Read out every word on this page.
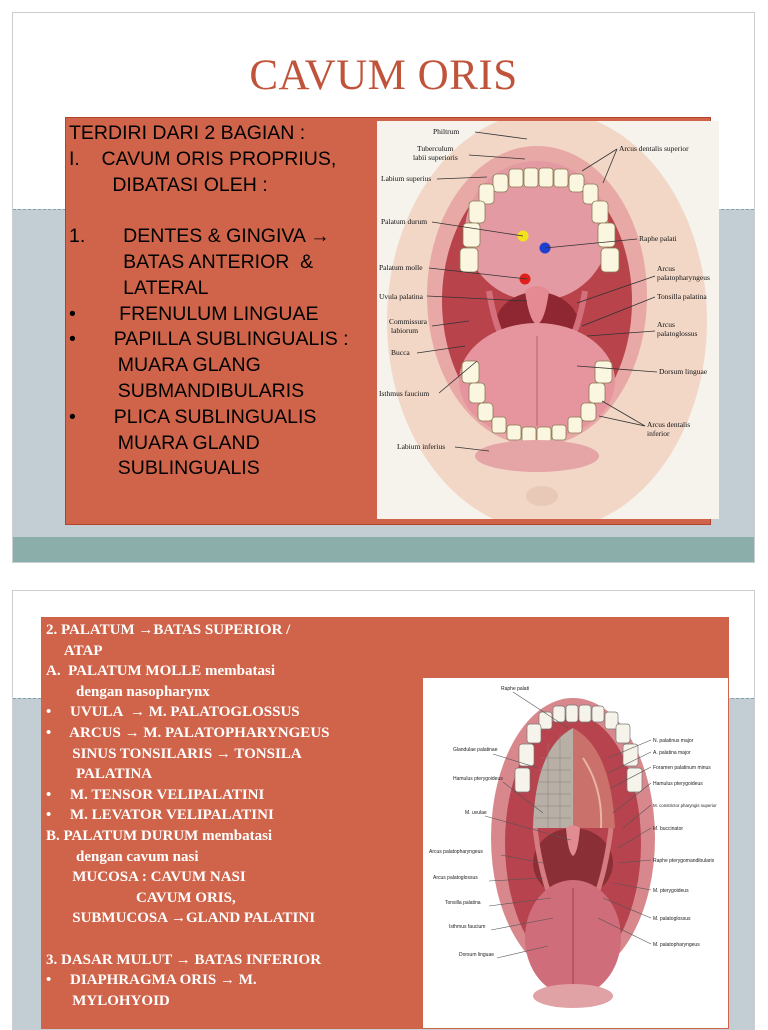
CAVUM ORIS
TERDIRI DARI 2 BAGIAN :
I.    CAVUM ORIS PROPRIUS,
DIBATASI OLEH :
1.       DENTES & GINGIVA →
BATAS ANTERIOR  &
LATERAL
•        FRENULUM LINGUAE
•       PAPILLA SUBLINGUALIS :
MUARA GLANG
SUBMANDIBULARIS
•       PLICA SUBLINGUALIS
MUARA GLAND
SUBLINGUALIS
Philtrum
Tuberculum
labii superioris
Labium superius
Palatum durum
Palatum molle
Uvula palatina
Commissura
labiorum
Bucca
Isthmus faucium
Labium inferius
Arcus dentalis superior
Raphe palati
Arcus
palatopharyngeus
Tonsilla palatina
Arcus
palatoglossus
Dorsum linguae
Arcus dentalis
inferior
2. PALATUM →BATAS SUPERIOR /
ATAP
A.  PALATUM MOLLE membatasi
dengan nasopharynx
•     UVULA  → M. PALATOGLOSSUS
•     ARCUS → M. PALATOPHARYNGEUS
SINUS TONSILARIS → TONSILA
PALATINA
•     M. TENSOR VELIPALATINI
•     M. LEVATOR VELIPALATINI
B. PALATUM DURUM membatasi
dengan cavum nasi
MUCOSA : CAVUM NASI
CAVUM ORIS,
SUBMUCOSA →GLAND PALATINI
3. DASAR MULUT → BATAS INFERIOR
•     DIAPHRAGMA ORIS → M.
MYLOHYOID
Raphe palati
Glandulae palatinae
Hamulus pterygoideus
M. uvulae
Arcus palatopharyngeus
Arcus palatoglossus
Tonsilla palatina
Isthmus faucium
Dorsum linguae
N. palatinus major
A. palatina major
Foramen palatinum minus
Hamulus pterygoideus
M. constrictor pharyngis superior
M. buccinator
Raphe pterygomandibularis
M. pterygoideus
M. palatoglossus
M. palatopharyngeus
